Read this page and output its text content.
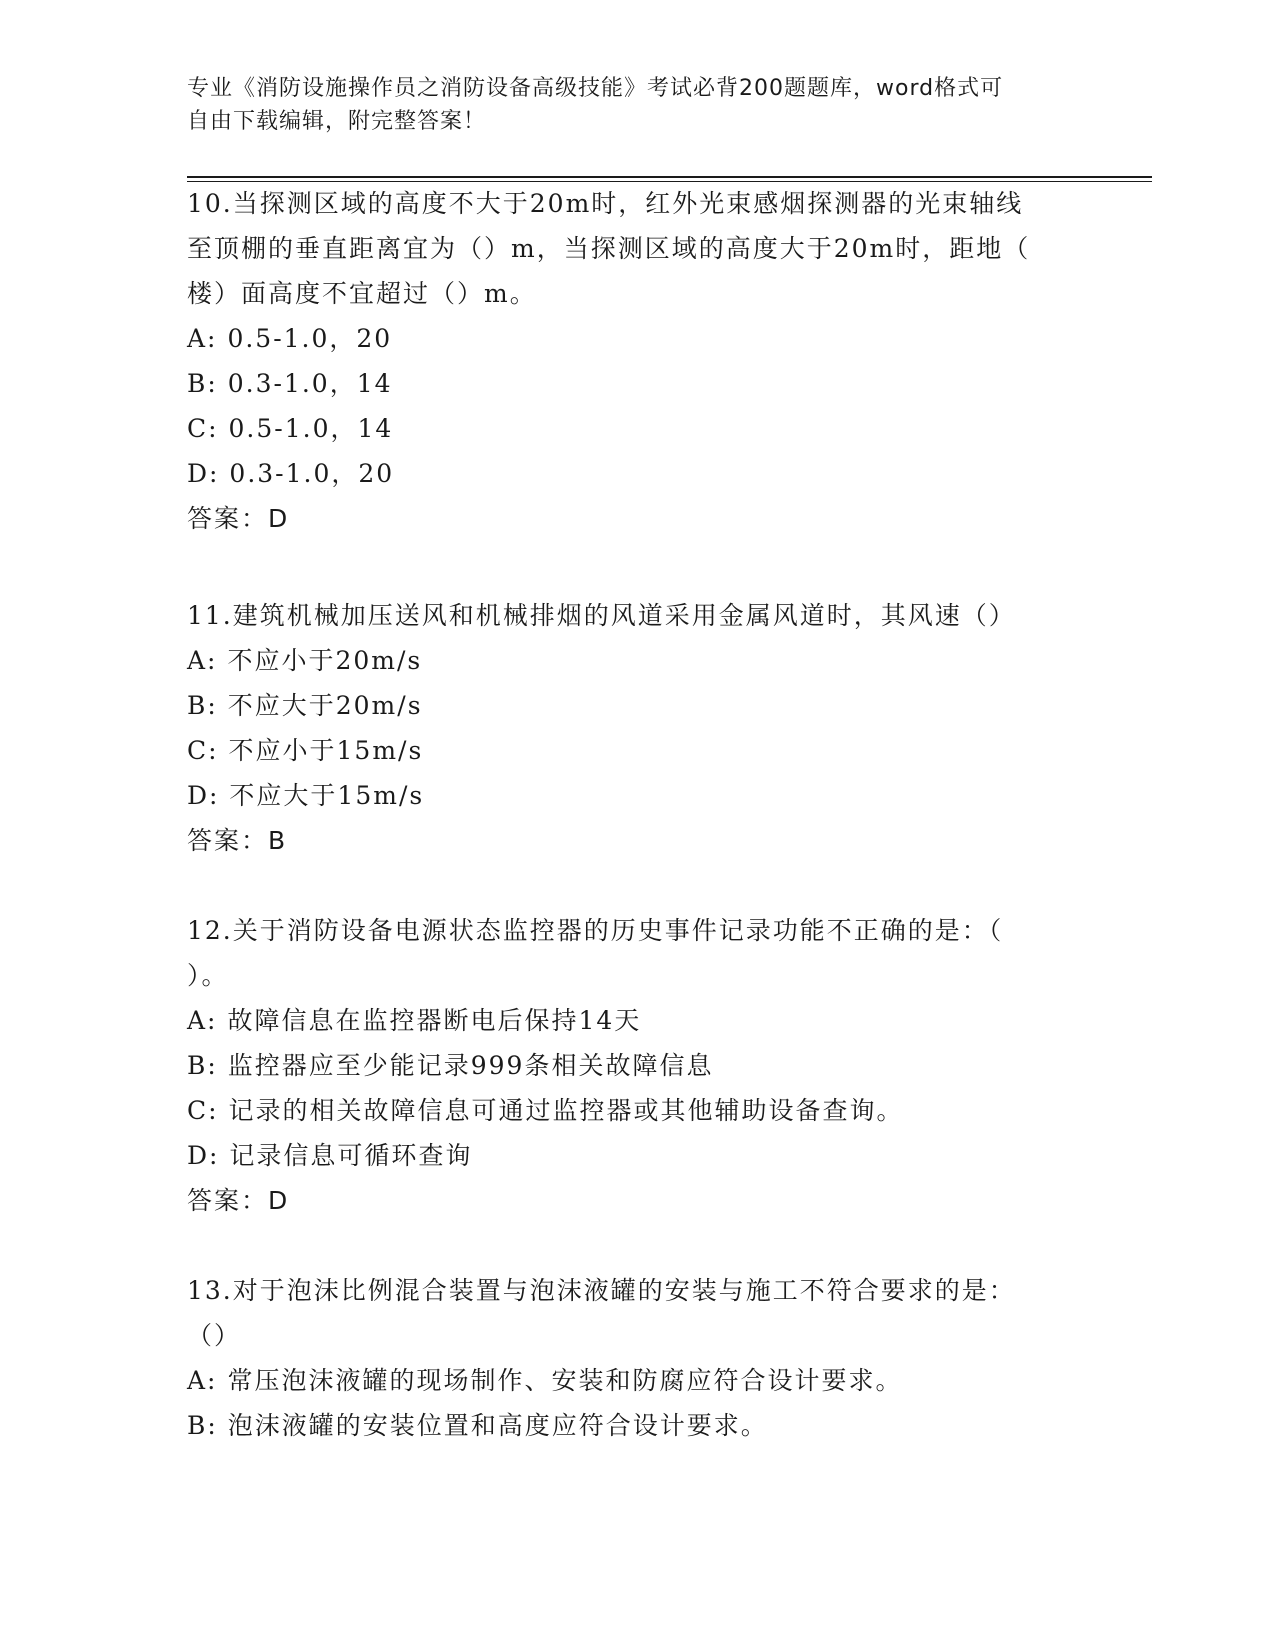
专业《消防设施操作员之消防设备高级技能》考试必背200题题库，word格式可
自由下载编辑，附完整答案！

10.当探测区域的高度不大于20m时，红外光束感烟探测器的光束轴线

至顶棚的垂直距离宜为（）m，当探测区域的高度大于20m时，距地（

楼）面高度不宜超过（）m。

A: 0.5-1.0，20

B: 0.3-1.0，14

C: 0.5-1.0，14

D: 0.3-1.0，20

答案：D

11.建筑机械加压送风和机械排烟的风道采用金属风道时，其风速（）

A: 不应小于20m/s

B: 不应大于20m/s

C: 不应小于15m/s

D: 不应大于15m/s

答案：B

12.关于消防设备电源状态监控器的历史事件记录功能不正确的是：（

）。

A: 故障信息在监控器断电后保持14天

B: 监控器应至少能记录999条相关故障信息

C: 记录的相关故障信息可通过监控器或其他辅助设备查询。

D: 记录信息可循环查询

答案：D

13.对于泡沫比例混合装置与泡沫液罐的安装与施工不符合要求的是：

（）

A: 常压泡沫液罐的现场制作、安装和防腐应符合设计要求。

B: 泡沫液罐的安装位置和高度应符合设计要求。
